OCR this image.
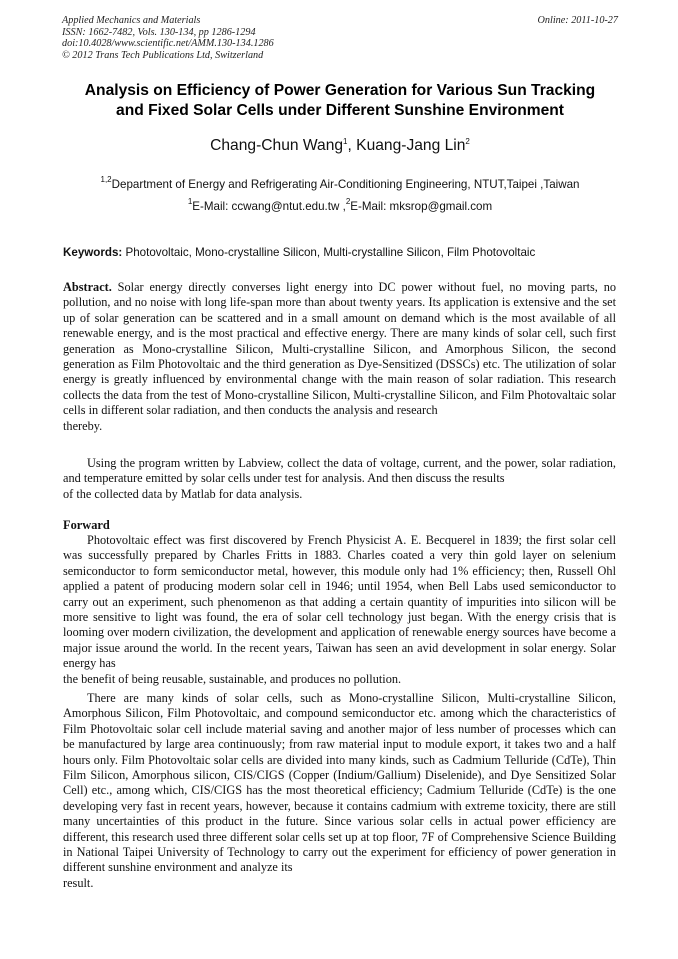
Applied Mechanics and Materials
ISSN: 1662-7482, Vols. 130-134, pp 1286-1294
doi:10.4028/www.scientific.net/AMM.130-134.1286
© 2012 Trans Tech Publications Ltd, Switzerland
Online: 2011-10-27
Analysis on Efficiency of Power Generation for Various Sun Tracking
and Fixed Solar Cells under Different Sunshine Environment
Chang-Chun Wang$^1$, Kuang-Jang Lin$^2$
$^{1,2}$Department of Energy and Refrigerating Air-Conditioning Engineering, NTUT,Taipei ,Taiwan
$^1$E-Mail: ccwang@ntut.edu.tw ,$^2$E-Mail: mksrop@gmail.com
Keywords: Photovoltaic, Mono-crystalline Silicon, Multi-crystalline Silicon, Film Photovoltaic
Abstract. Solar energy directly converses light energy into DC power without fuel, no moving parts, no pollution, and no noise with long life-span more than about twenty years. Its application is extensive and the set up of solar generation can be scattered and in a small amount on demand which is the most available of all renewable energy, and is the most practical and effective energy. There are many kinds of solar cell, such first generation as Mono-crystalline Silicon, Multi-crystalline Silicon, and Amorphous Silicon, the second generation as Film Photovoltaic and the third generation as Dye-Sensitized (DSSCs) etc. The utilization of solar energy is greatly influenced by environmental change with the main reason of solar radiation. This research collects the data from the test of Mono-crystalline Silicon, Multi-crystalline Silicon, and Film Photovaltaic solar cells in different solar radiation, and then conducts the analysis and research
thereby.
Using the program written by Labview, collect the data of voltage, current, and the power, solar radiation, and temperature emitted by solar cells under test for analysis. And then discuss the results
of the collected data by Matlab for data analysis.
Forward
Photovoltaic effect was first discovered by French Physicist A. E. Becquerel in 1839; the first solar cell was successfully prepared by Charles Fritts in 1883. Charles coated a very thin gold layer on selenium semiconductor to form semiconductor metal, however, this module only had 1% efficiency; then, Russell Ohl applied a patent of producing modern solar cell in 1946; until 1954, when Bell Labs used semiconductor to carry out an experiment, such phenomenon as that adding a certain quantity of impurities into silicon will be more sensitive to light was found, the era of solar cell technology just began. With the energy crisis that is looming over modern civilization, the development and application of renewable energy sources have become a major issue around the world. In the recent years, Taiwan has seen an avid development in solar energy. Solar energy has
the benefit of being reusable, sustainable, and produces no pollution.
There are many kinds of solar cells, such as Mono-crystalline Silicon, Multi-crystalline Silicon, Amorphous Silicon, Film Photovoltaic, and compound semiconductor etc. among which the characteristics of Film Photovoltaic solar cell include material saving and another major of less number of processes which can be manufactured by large area continuously; from raw material input to module export, it takes two and a half hours only. Film Photovoltaic solar cells are divided into many kinds, such as Cadmium Telluride (CdTe), Thin Film Silicon, Amorphous silicon, CIS/CIGS (Copper (Indium/Gallium) Diselenide), and Dye Sensitized Solar Cell) etc., among which, CIS/CIGS has the most theoretical efficiency; Cadmium Telluride (CdTe) is the one developing very fast in recent years, however, because it contains cadmium with extreme toxicity, there are still many uncertainties of this product in the future. Since various solar cells in actual power efficiency are different, this research used three different solar cells set up at top floor, 7F of Comprehensive Science Building in National Taipei University of Technology to carry out the experiment for efficiency of power generation in different sunshine environment and analyze its
result.
